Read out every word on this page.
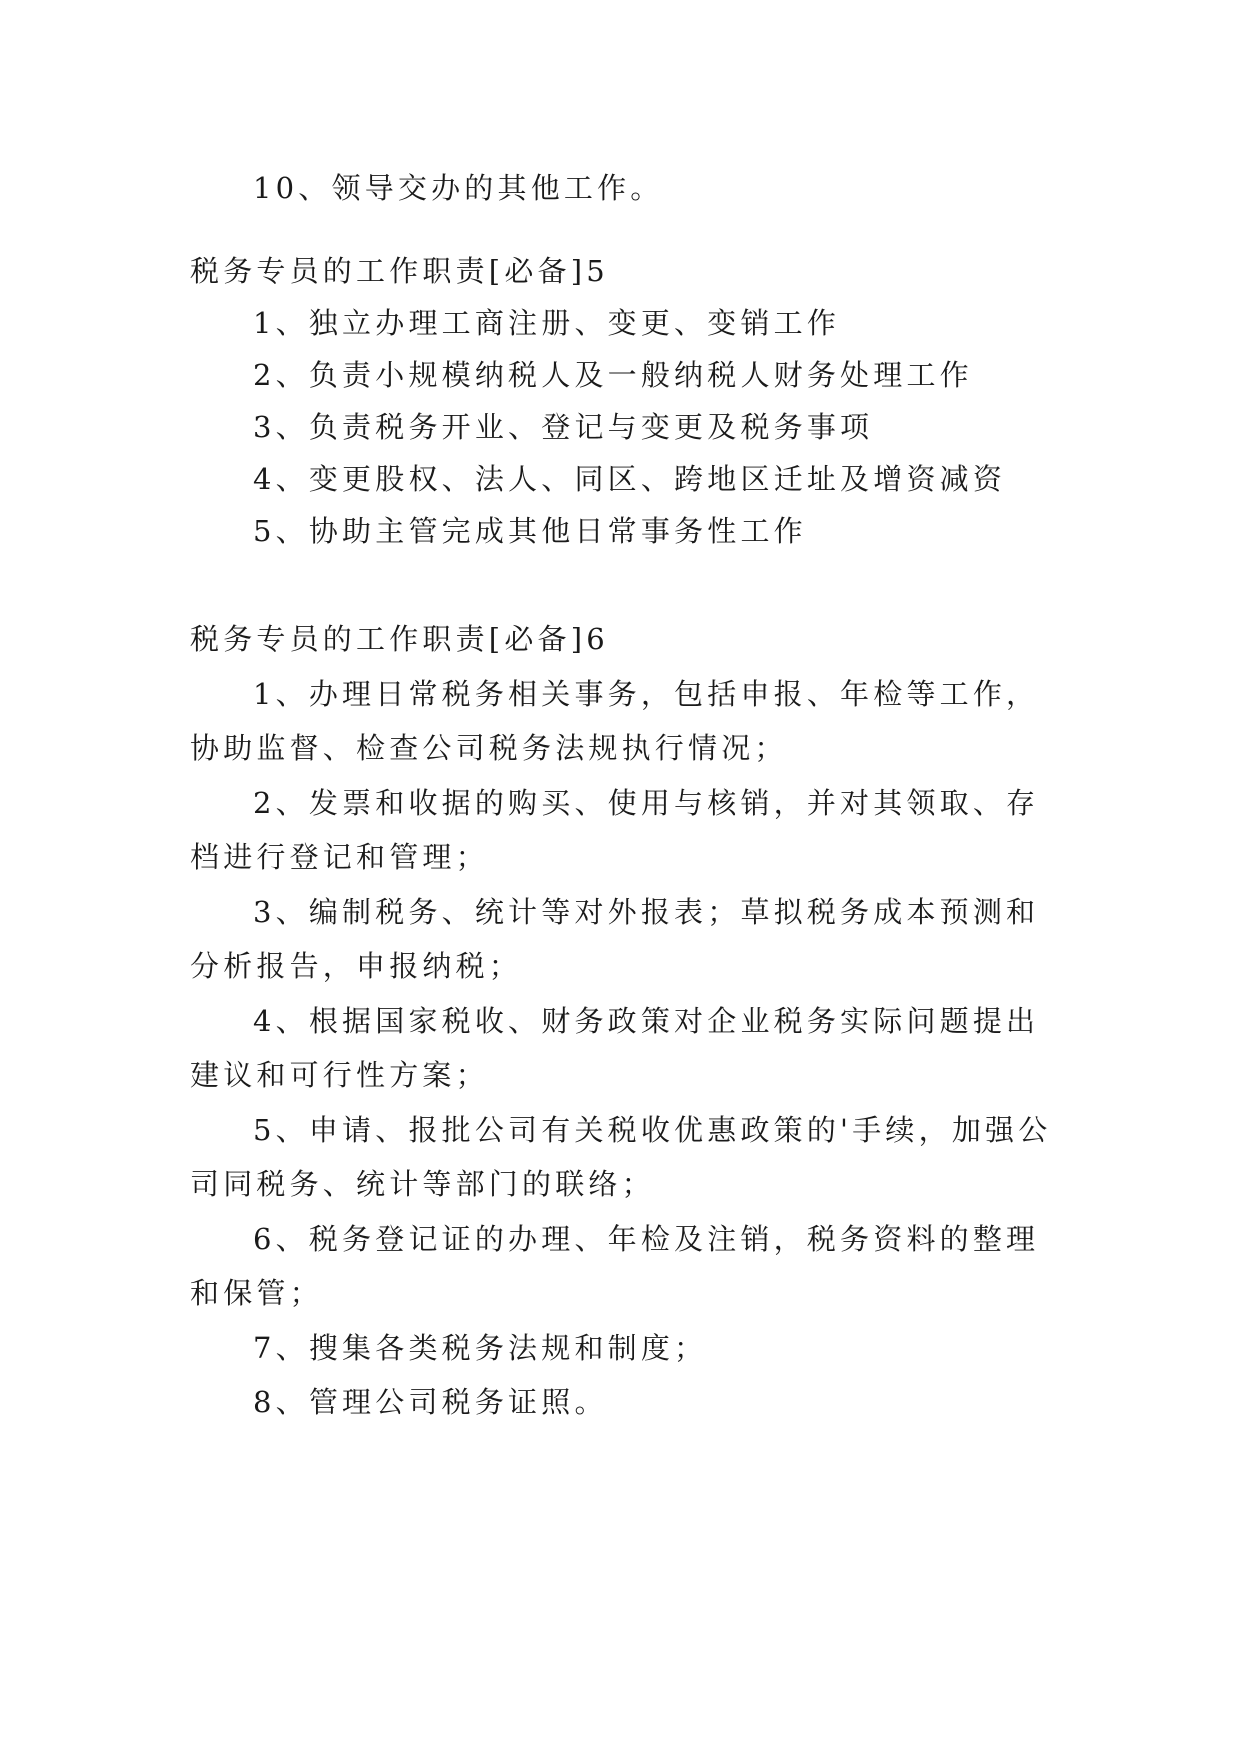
10、领导交办的其他工作。
税务专员的工作职责[必备]5
1、独立办理工商注册、变更、变销工作
2、负责小规模纳税人及一般纳税人财务处理工作
3、负责税务开业、登记与变更及税务事项
4、变更股权、法人、同区、跨地区迁址及增资减资
5、协助主管完成其他日常事务性工作
税务专员的工作职责[必备]6
1、办理日常税务相关事务，包括申报、年检等工作，
协助监督、检查公司税务法规执行情况；
2、发票和收据的购买、使用与核销，并对其领取、存
档进行登记和管理；
3、编制税务、统计等对外报表；草拟税务成本预测和
分析报告，申报纳税；
4、根据国家税收、财务政策对企业税务实际问题提出
建议和可行性方案；
5、申请、报批公司有关税收优惠政策的'手续，加强公
司同税务、统计等部门的联络；
6、税务登记证的办理、年检及注销，税务资料的整理
和保管；
7、搜集各类税务法规和制度；
8、管理公司税务证照。
